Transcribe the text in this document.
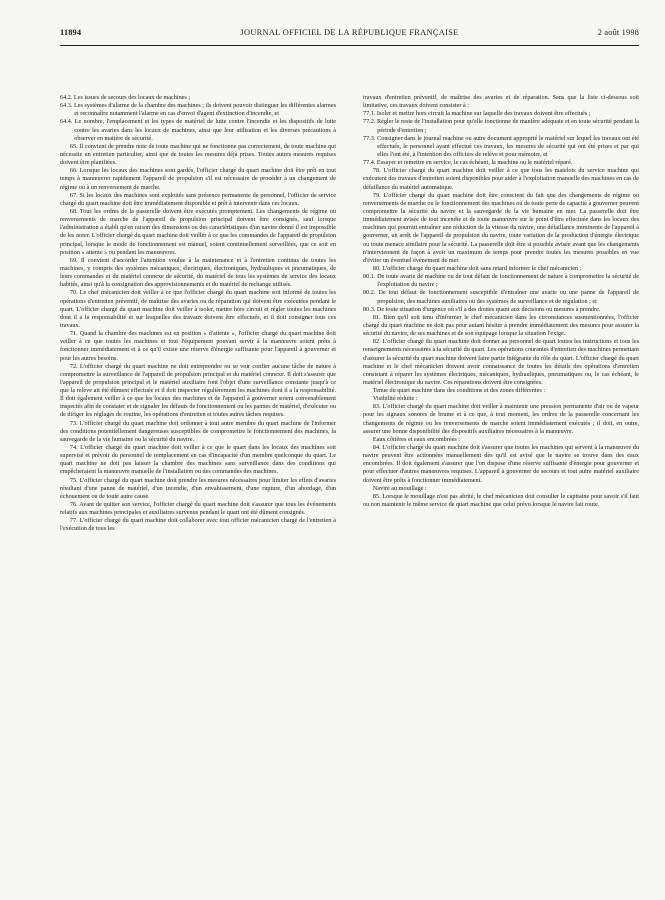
11894	JOURNAL OFFICIEL DE LA RÉPUBLIQUE FRANÇAISE	2 août 1998

64.2. Les issues de secours des locaux de machines ;

64.3. Les systèmes d'alarme de la chambre des machines ; ils doivent pouvoir distinguer les différentes alarmes et reconnaître notamment l'alarme en cas d'envoi d'agent d'extinction d'incendie, et

64.4. Le nombre, l'emplacement et les types de matériel de lutte contre l'incendie et les dispositifs de lutte contre les avaries dans les locaux de machines, ainsi que leur utilisation et les diverses précautions à observer en matière de sécurité.

65. Il convient de prendre note de toute machine qui ne fonctionne pas correctement, de toute machine qui nécessite un entretien particulier, ainsi que de toutes les mesures déjà prises. Toutes autres mesures requises doivent être planifiées.

66. Lorsque les locaux des machines sont gardés, l'officier chargé du quart machine doit être prêt en tout temps à manœuvrer rapidement l'appareil de propulsion s'il est nécessaire de procéder à un changement de régime ou à un renversement de marche.

67. Si les locaux des machines sont exploités sans présence permanente de personnel, l'officier de service chargé du quart machine doit être immédiatement disponible et prêt à intervenir dans ces locaux.

68. Tous les ordres de la passerelle doivent être exécutés promptement. Les changements de régime ou renversements de marche de l'appareil de propulsion principal doivent être consignés, sauf lorsque l'administration a établi qu'en raison des dimensions ou des caractéristiques d'un navire donné il est impossible de les noter. L'officier chargé du quart machine doit veiller à ce que les commandes de l'appareil de propulsion principal, lorsque le mode de fonctionnement est manuel, soient continuellement surveillées, que ce soit en position « attente » ou pendant les manœuvres.

69. Il convient d'accorder l'attention voulue à la maintenance et à l'entretien continus de toutes les machines, y compris des systèmes mécaniques, électriques, électroniques, hydrauliques et pneumatiques, de leurs commandes et du matériel connexe de sécurité, du matériel de tous les systèmes de service des locaux habités, ainsi qu'à la consignation des approvisionnements et du matériel de rechange utilisés.

70. Le chef mécanicien doit veiller à ce que l'officier chargé du quart machine soit informé de toutes les opérations d'entretien préventif, de maîtrise des avaries ou de réparation qui doivent être exécutées pendant le quart. L'officier chargé du quart machine doit veiller à isoler, mettre hors circuit et régler toutes les machines dont il a la responsabilité et sur lesquelles des travaux doivent être effectués, et il doit consigner tous ces travaux.

71. Quand la chambre des machines est en position « d'attente », l'officier chargé du quart machine doit veiller à ce que toutes les machines et tout l'équipement pouvant servir à la manœuvre soient prêts à fonctionner immédiatement et à ce qu'il existe une réserve d'énergie suffisante pour l'appareil à gouverner et pour les autres besoins.

72. L'officier chargé du quart machine ne doit entreprendre ou se voir confier aucune tâche de nature à compromettre la surveillance de l'appareil de propulsion principal et du matériel connexe. Il doit s'assurer que l'appareil de propulsion principal et le matériel auxiliaire font l'objet d'une surveillance constante jusqu'à ce que la relève ait été dûment effectuée et il doit inspecter régulièrement les machines dont il a la responsabilité. Il doit également veiller à ce que les locaux des machines et de l'appareil à gouverner soient convenablement inspectés afin de constater et de signaler les défauts de fonctionnement ou les pannes de matériel, d'exécuter ou de diriger les réglages de routine, les opérations d'entretien et toutes autres tâches requises.

73. L'officier chargé du quart machine doit ordonner à tout autre membre du quart machine de l'informer des conditions potentiellement dangereuses susceptibles de compromettre le fonctionnement des machines, la sauvegarde de la vie humaine ou la sécurité du navire.

74. L'officier chargé du quart machine doit veiller à ce que le quart dans les locaux des machines soit supervisé et prévoir du personnel de remplacement en cas d'incapacité d'un membre quelconque du quart. Le quart machine ne doit pas laisser la chambre des machines sans surveillance dans des conditions qui empêcheraient la manœuvre manuelle de l'installation ou des commandes des machines.

75. L'officier chargé du quart machine doit prendre les mesures nécessaires pour limiter les effets d'avaries résultant d'une panne de matériel, d'un incendie, d'un envahissement, d'une rupture, d'un abordage, d'un échouement ou de toute autre cause.

76. Avant de quitter son service, l'officier chargé du quart machine doit s'assurer que tous les événements relatifs aux machines principales et auxiliaires survenus pendant le quart ont été dûment consignés.

77. L'officier chargé du quart machine doit collaborer avec tout officier mécanicien chargé de l'entretien à l'exécution de tous les

travaux d'entretien préventif, de maîtrise des avaries et de réparation. Sans que la liste ci-dessous soit limitative, ces travaux doivent consister à :

77.1. Isoler et mettre hors circuit la machine sur laquelle des travaux doivent être effectués ;

77.2. Régler le reste de l'installation pour qu'elle fonctionne de manière adéquate et en toute sécurité pendant la période d'entretien ;

77.3. Consigner dans le journal machine ou autre document approprié le matériel sur lequel les travaux ont été effectués, le personnel ayant effectué ces travaux, les mesures de sécurité qui ont été prises et par qui elles l'ont été, à l'intention des officiers de relève et pour mémoire, et

77.4. Essayer et remettre en service, le cas échéant, la machine ou le matériel réparé.

78. L'officier chargé du quart machine doit veiller à ce que tous les matelots du service machine qui exécutent des travaux d'entretien soient disponibles pour aider à l'exploitation manuelle des machines en cas de défaillance du matériel automatique.

79. L'officier chargé du quart machine doit être conscient du fait que des changements de régime ou renversements de marche ou le fonctionnement des machines ou de toute perte de capacité à gouverner peuvent compromettre la sécurité du navire et la sauvegarde de la vie humaine en mer. La passerelle doit être immédiatement avisée de tout incendie et de toute manœuvre sur le point d'être effectuée dans les locaux des machines qui pourrait entraîner une réduction de la vitesse du navire, une défaillance imminente de l'appareil à gouverner, un arrêt de l'appareil de propulsion du navire, toute variation de la production d'énergie électrique ou toute menace similaire pour la sécurité. La passerelle doit être si possible avisée avant que les changements n'interviennent de façon à avoir un maximum de temps pour prendre toutes les mesures possibles en vue d'éviter un éventuel événement de mer.

80. L'officier chargé du quart machine doit sans retard informer le chef mécanicien :

80.1. De toute avarie de machine ou de tout défaut de fonctionnement de nature à compromettre la sécurité de l'exploitation du navire ;

80.2. De tout défaut de fonctionnement susceptible d'entraîner une avarie ou une panne de l'appareil de propulsion, des machines auxiliaires ou des systèmes de surveillance et de régulation ; et

80.3. De toute situation d'urgence où s'il a des doutes quant aux décisions ou mesures à prendre.

81. Bien qu'il soit tenu d'informer le chef mécanicien dans les circonstances susmentionnées, l'officier chargé du quart machine ne doit pas pour autant hésiter à prendre immédiatement des mesures pour assurer la sécurité du navire, de ses machines et de son équipage lorsque la situation l'exige.

82. L'officier chargé du quart machine doit donner au personnel de quart toutes les instructions et tous les renseignements nécessaires à la sécurité du quart. Les opérations courantes d'entretien des machines permettant d'assurer la sécurité du quart machine doivent faire partie intégrante du rôle du quart. L'officier chargé du quart machine et le chef mécanicien doivent avoir connaissance de toutes les détails des opérations d'entretien consistant à réparer les systèmes électriques, mécaniques, hydrauliques, pneumatiques ou, le cas échéant, le matériel électronique du navire. Ces réparations doivent être consignées.

Tenue du quart machine dans des conditions et des zones différentes :

Visibilité réduite :

83. L'officier chargé du quart machine doit veiller à maintenir une pression permanente d'air ou de vapeur pour les signaux sonores de brume et à ce que, à tout moment, les ordres de la passerelle concernant les changements de régime ou les renversements de marche soient immédiatement exécutés ; il doit, en outre, assurer une bonne disponibilité des dispositifs auxiliaires nécessaires à la manœuvre.

Eaux côtières et eaux encombrées :

84. L'officier chargé du quart machine doit s'assurer que toutes les machines qui servent à la manœuvre du navire peuvent être actionnées manuellement dès qu'il est avisé que le navire se trouve dans des eaux encombrées. Il doit également s'assurer que l'on dispose d'une réserve suffisante d'énergie pour gouverner et pour effectuer d'autres manœuvres requises. L'appareil à gouverner de secours et tout autre matériel auxiliaire doivent être prêts à fonctionner immédiatement.

Navire au mouillage :

85. Lorsque le mouillage n'est pas abrité, le chef mécanicien doit consulter le capitaine pour savoir s'il faut ou non maintenir le même service de quart machine que celui prévu lorsque le navire fait route.
